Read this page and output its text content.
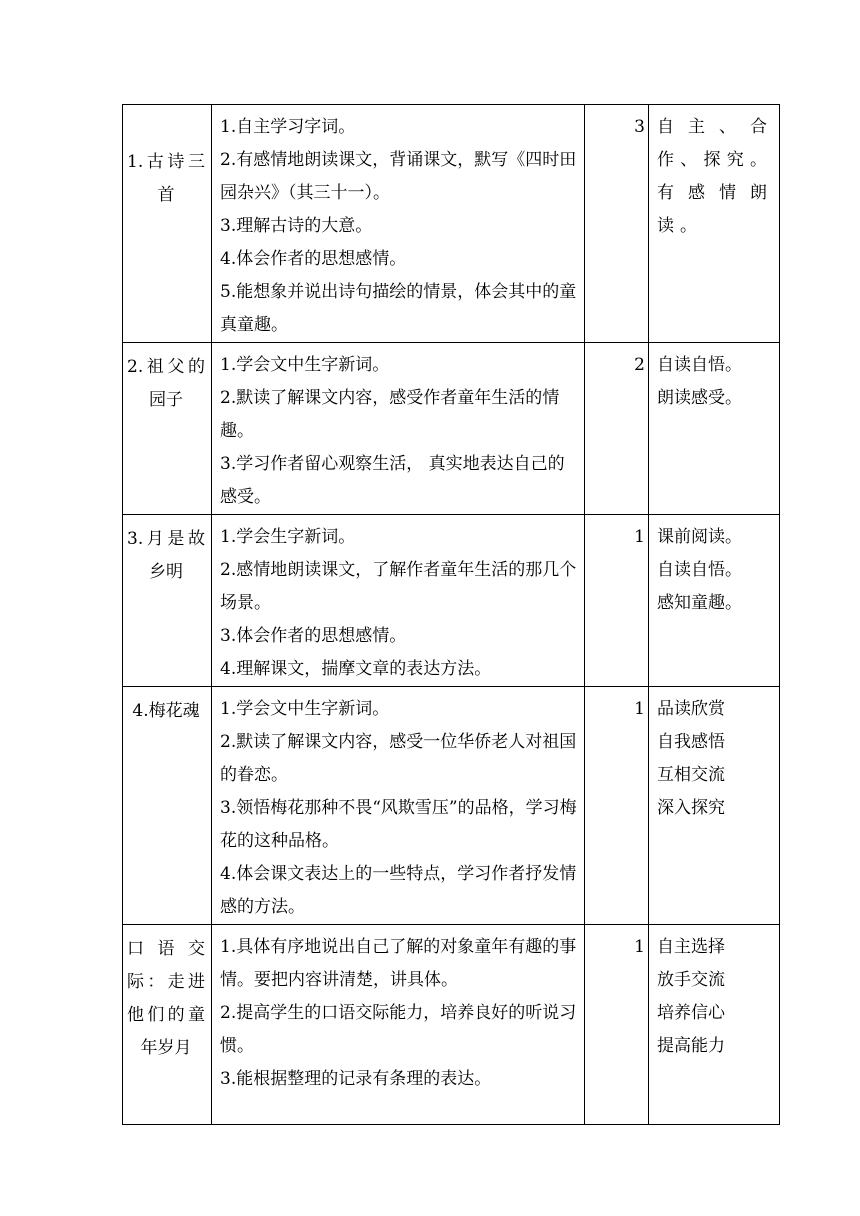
1.古诗三首	1.自主学习字词。
2.有感情地朗读课文，背诵课文，默写《四时田园杂兴》（其三十一）。
3.理解古诗的大意。
4.体会作者的思想感情。
5.能想象并说出诗句描绘的情景，体会其中的童真童趣。	3	自主、合作、探究。有感情朗读。

2.祖父的园子	1.学会文中生字新词。
2.默读了解课文内容，感受作者童年生活的情趣。
3.学习作者留心观察生活， 真实地表达自己的感受。	2	自读自悟。
朗读感受。

3.月是故乡明	1.学会生字新词。
2.感情地朗读课文，了解作者童年生活的那几个场景。
3.体会作者的思想感情。
4.理解课文，揣摩文章的表达方法。	1	课前阅读。
自读自悟。
感知童趣。

4.梅花魂	1.学会文中生字新词。
2.默读了解课文内容，感受一位华侨老人对祖国的眷恋。
3.领悟梅花那种不畏“风欺雪压”的品格，学习梅花的这种品格。
4.体会课文表达上的一些特点，学习作者抒发情感的方法。	1	品读欣赏
自我感悟
互相交流
深入探究

口语交际：走进他们的童年岁月	1.具体有序地说出自己了解的对象童年有趣的事情。要把内容讲清楚，讲具体。
2.提高学生的口语交际能力，培养良好的听说习惯。
3.能根据整理的记录有条理的表达。	1	自主选择
放手交流
培养信心
提高能力
